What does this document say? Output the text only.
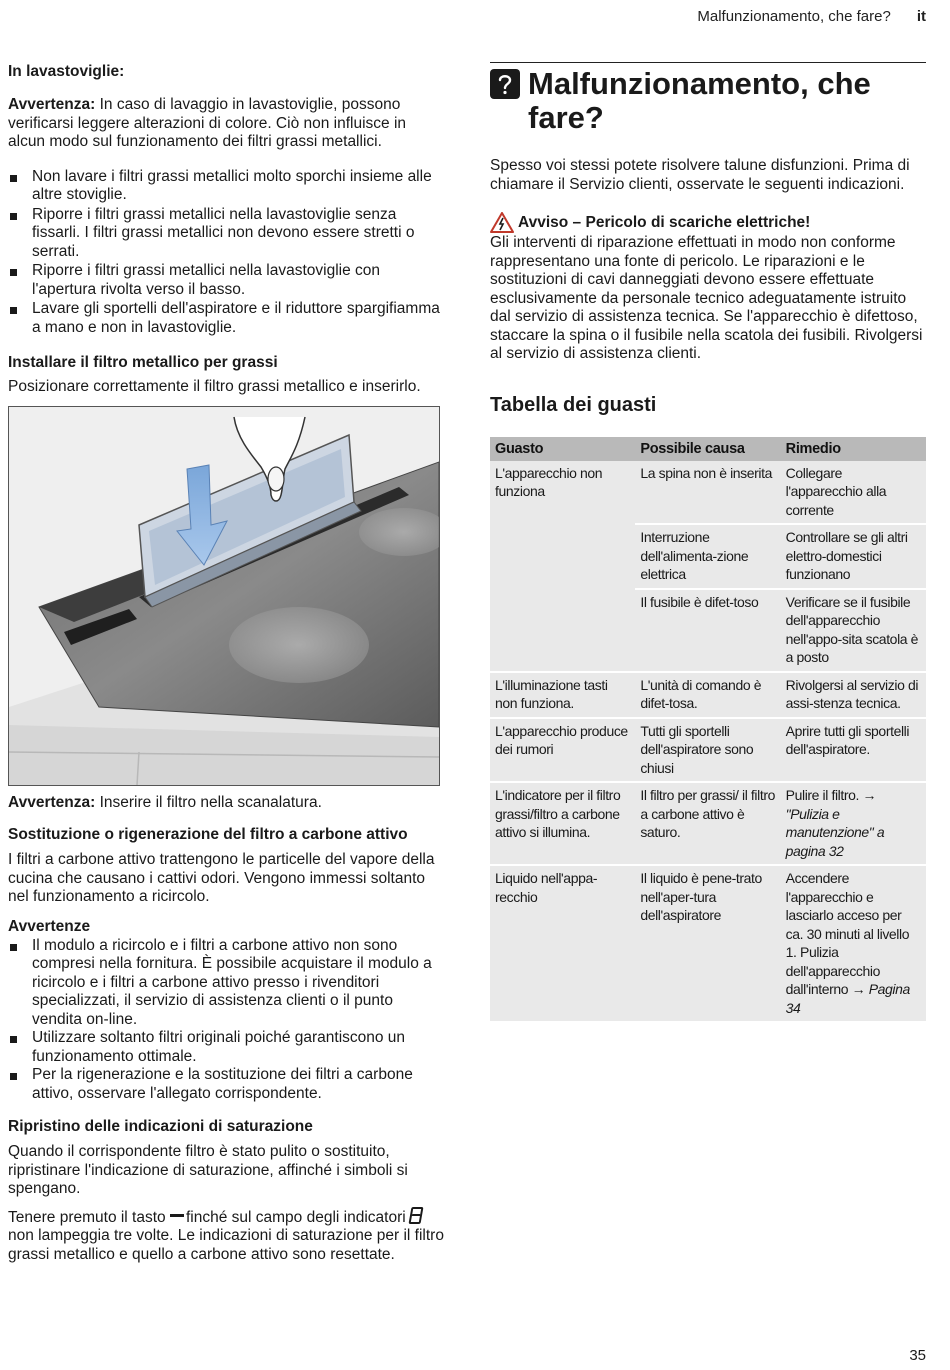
Malfunzionamento, che fare? it
In lavastoviglie:

Avvertenza: In caso di lavaggio in lavastoviglie, possono verificarsi leggere alterazioni di colore. Ciò non influisce in alcun modo sul funzionamento dei filtri grassi metallici.

Non lavare i filtri grassi metallici molto sporchi insieme alle altre stoviglie.
Riporre i filtri grassi metallici nella lavastoviglie senza fissarli. I filtri grassi metallici non devono essere stretti o serrati.
Riporre i filtri grassi metallici nella lavastoviglie con l'apertura rivolta verso il basso.
Lavare gli sportelli dell'aspiratore e il riduttore spargifiamma a mano e non in lavastoviglie.
Installare il filtro metallico per grassi

Posizionare correttamente il filtro grassi metallico e inserirlo.

Avvertenza: Inserire il filtro nella scanalatura.

Sostituzione o rigenerazione del filtro a carbone attivo

I filtri a carbone attivo trattengono le particelle del vapore della cucina che causano i cattivi odori. Vengono immessi soltanto nel funzionamento a ricircolo.

Avvertenze
Il modulo a ricircolo e i filtri a carbone attivo non sono compresi nella fornitura. È possibile acquistare il modulo a ricircolo e i filtri a carbone attivo presso i rivenditori specializzati, il servizio di assistenza clienti o il punto vendita on-line.
Utilizzare soltanto filtri originali poiché garantiscono un funzionamento ottimale.
Per la rigenerazione e la sostituzione dei filtri a carbone attivo, osservare l'allegato corrispondente.
Ripristino delle indicazioni di saturazione

Quando il corrispondente filtro è stato pulito o sostituito, ripristinare l'indicazione di saturazione, affinché i simboli si spengano.

Tenere premuto il tasto finché sul campo degli indicatori
non lampeggia tre volte. Le indicazioni di saturazione per il filtro grassi metallico e quello a carbone attivo sono resettate.

Malfunzionamento, che fare?

Spesso voi stessi potete risolvere talune disfunzioni. Prima di chiamare il Servizio clienti, osservate le seguenti indicazioni.

Avviso – Pericolo di scariche elettriche!

Gli interventi di riparazione effettuati in modo non conforme rappresentano una fonte di pericolo. Le riparazioni e le sostituzioni di cavi danneggiati devono essere effettuate esclusivamente da personale tecnico adeguatamente istruito dal servizio di assistenza tecnica. Se l'apparecchio è difettoso, staccare la spina o il fusibile nella scatola dei fusibili. Rivolgersi al servizio di assistenza clienti.

Tabella dei guasti
Guasto	Possibile causa	Rimedio
L'apparecchio non funziona	La spina non è inserita	Collegare l'apparecchio alla corrente
	Interruzione dell'alimenta-zione elettrica	Controllare se gli altri elettro-domestici funzionano
	Il fusibile è difet-toso	Verificare se il fusibile dell'apparecchio nell'appo-sita scatola è a posto
L'illuminazione tasti non funziona.	L'unità di comando è difet-tosa.	Rivolgersi al servizio di assi-stenza tecnica.
L'apparecchio produce dei rumori	Tutti gli sportelli dell'aspiratore sono chiusi	Aprire tutti gli sportelli dell'aspiratore.
L'indicatore per il filtro grassi/filtro a carbone attivo si illumina.	Il filtro per grassi/ il filtro a carbone attivo è saturo.	Pulire il filtro. → "Pulizia e manutenzione" a pagina 32
Liquido nell'appa-recchio	Il liquido è pene-trato nell'aper-tura dell'aspiratore	Accendere l'apparecchio e lasciarlo acceso per ca. 30 minuti al livello 1. Pulizia dell'apparecchio dall'interno → Pagina 34
35
